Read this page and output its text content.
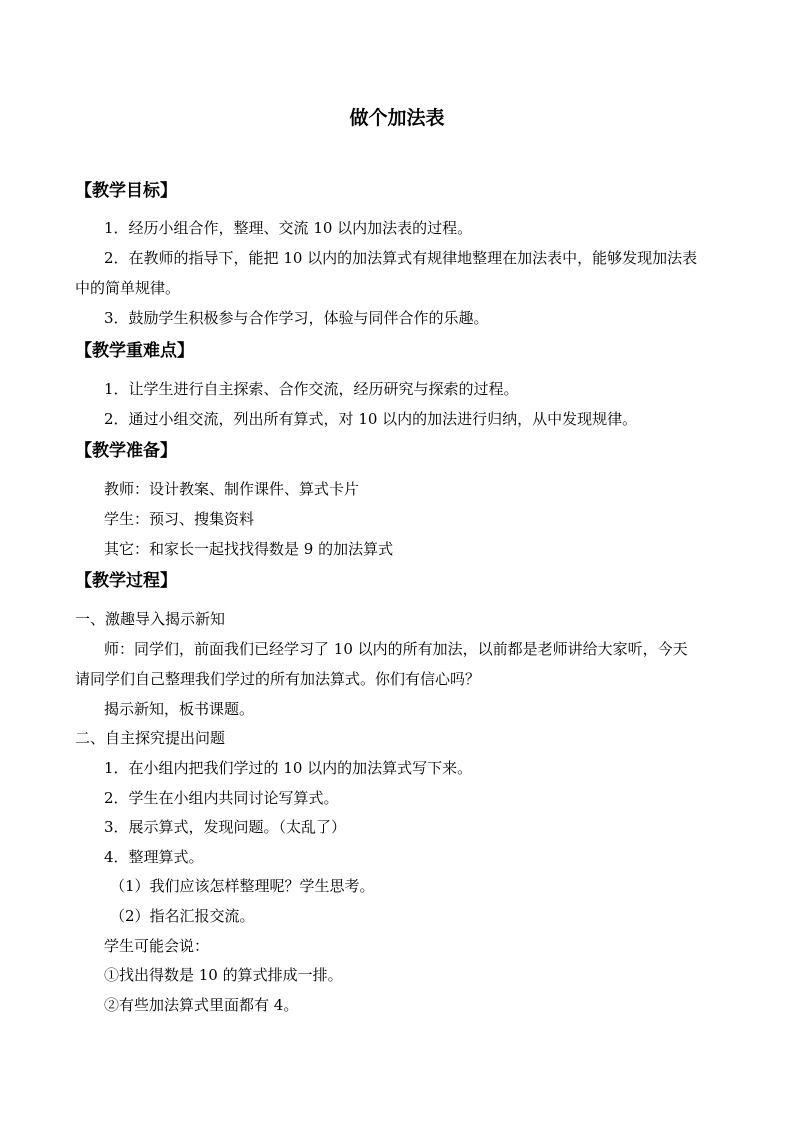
做个加法表
【教学目标】
1．经历小组合作，整理、交流 10 以内加法表的过程。
2．在教师的指导下，能把 10 以内的加法算式有规律地整理在加法表中，能够发现加法表
中的简单规律。
3．鼓励学生积极参与合作学习，体验与同伴合作的乐趣。
【教学重难点】
1．让学生进行自主探索、合作交流，经历研究与探索的过程。
2．通过小组交流，列出所有算式，对 10 以内的加法进行归纳，从中发现规律。
【教学准备】
教师：设计教案、制作课件、算式卡片
学生：预习、搜集资料
其它：和家长一起找找得数是 9 的加法算式
【教学过程】
一、激趣导入揭示新知
师：同学们，前面我们已经学习了 10 以内的所有加法，以前都是老师讲给大家听，今天
请同学们自己整理我们学过的所有加法算式。你们有信心吗？
揭示新知，板书课题。
二、自主探究提出问题
1．在小组内把我们学过的 10 以内的加法算式写下来。
2．学生在小组内共同讨论写算式。
3．展示算式，发现问题。（太乱了）
4．整理算式。
（1）我们应该怎样整理呢？学生思考。
（2）指名汇报交流。
学生可能会说：
①找出得数是 10 的算式排成一排。
②有些加法算式里面都有 4。
